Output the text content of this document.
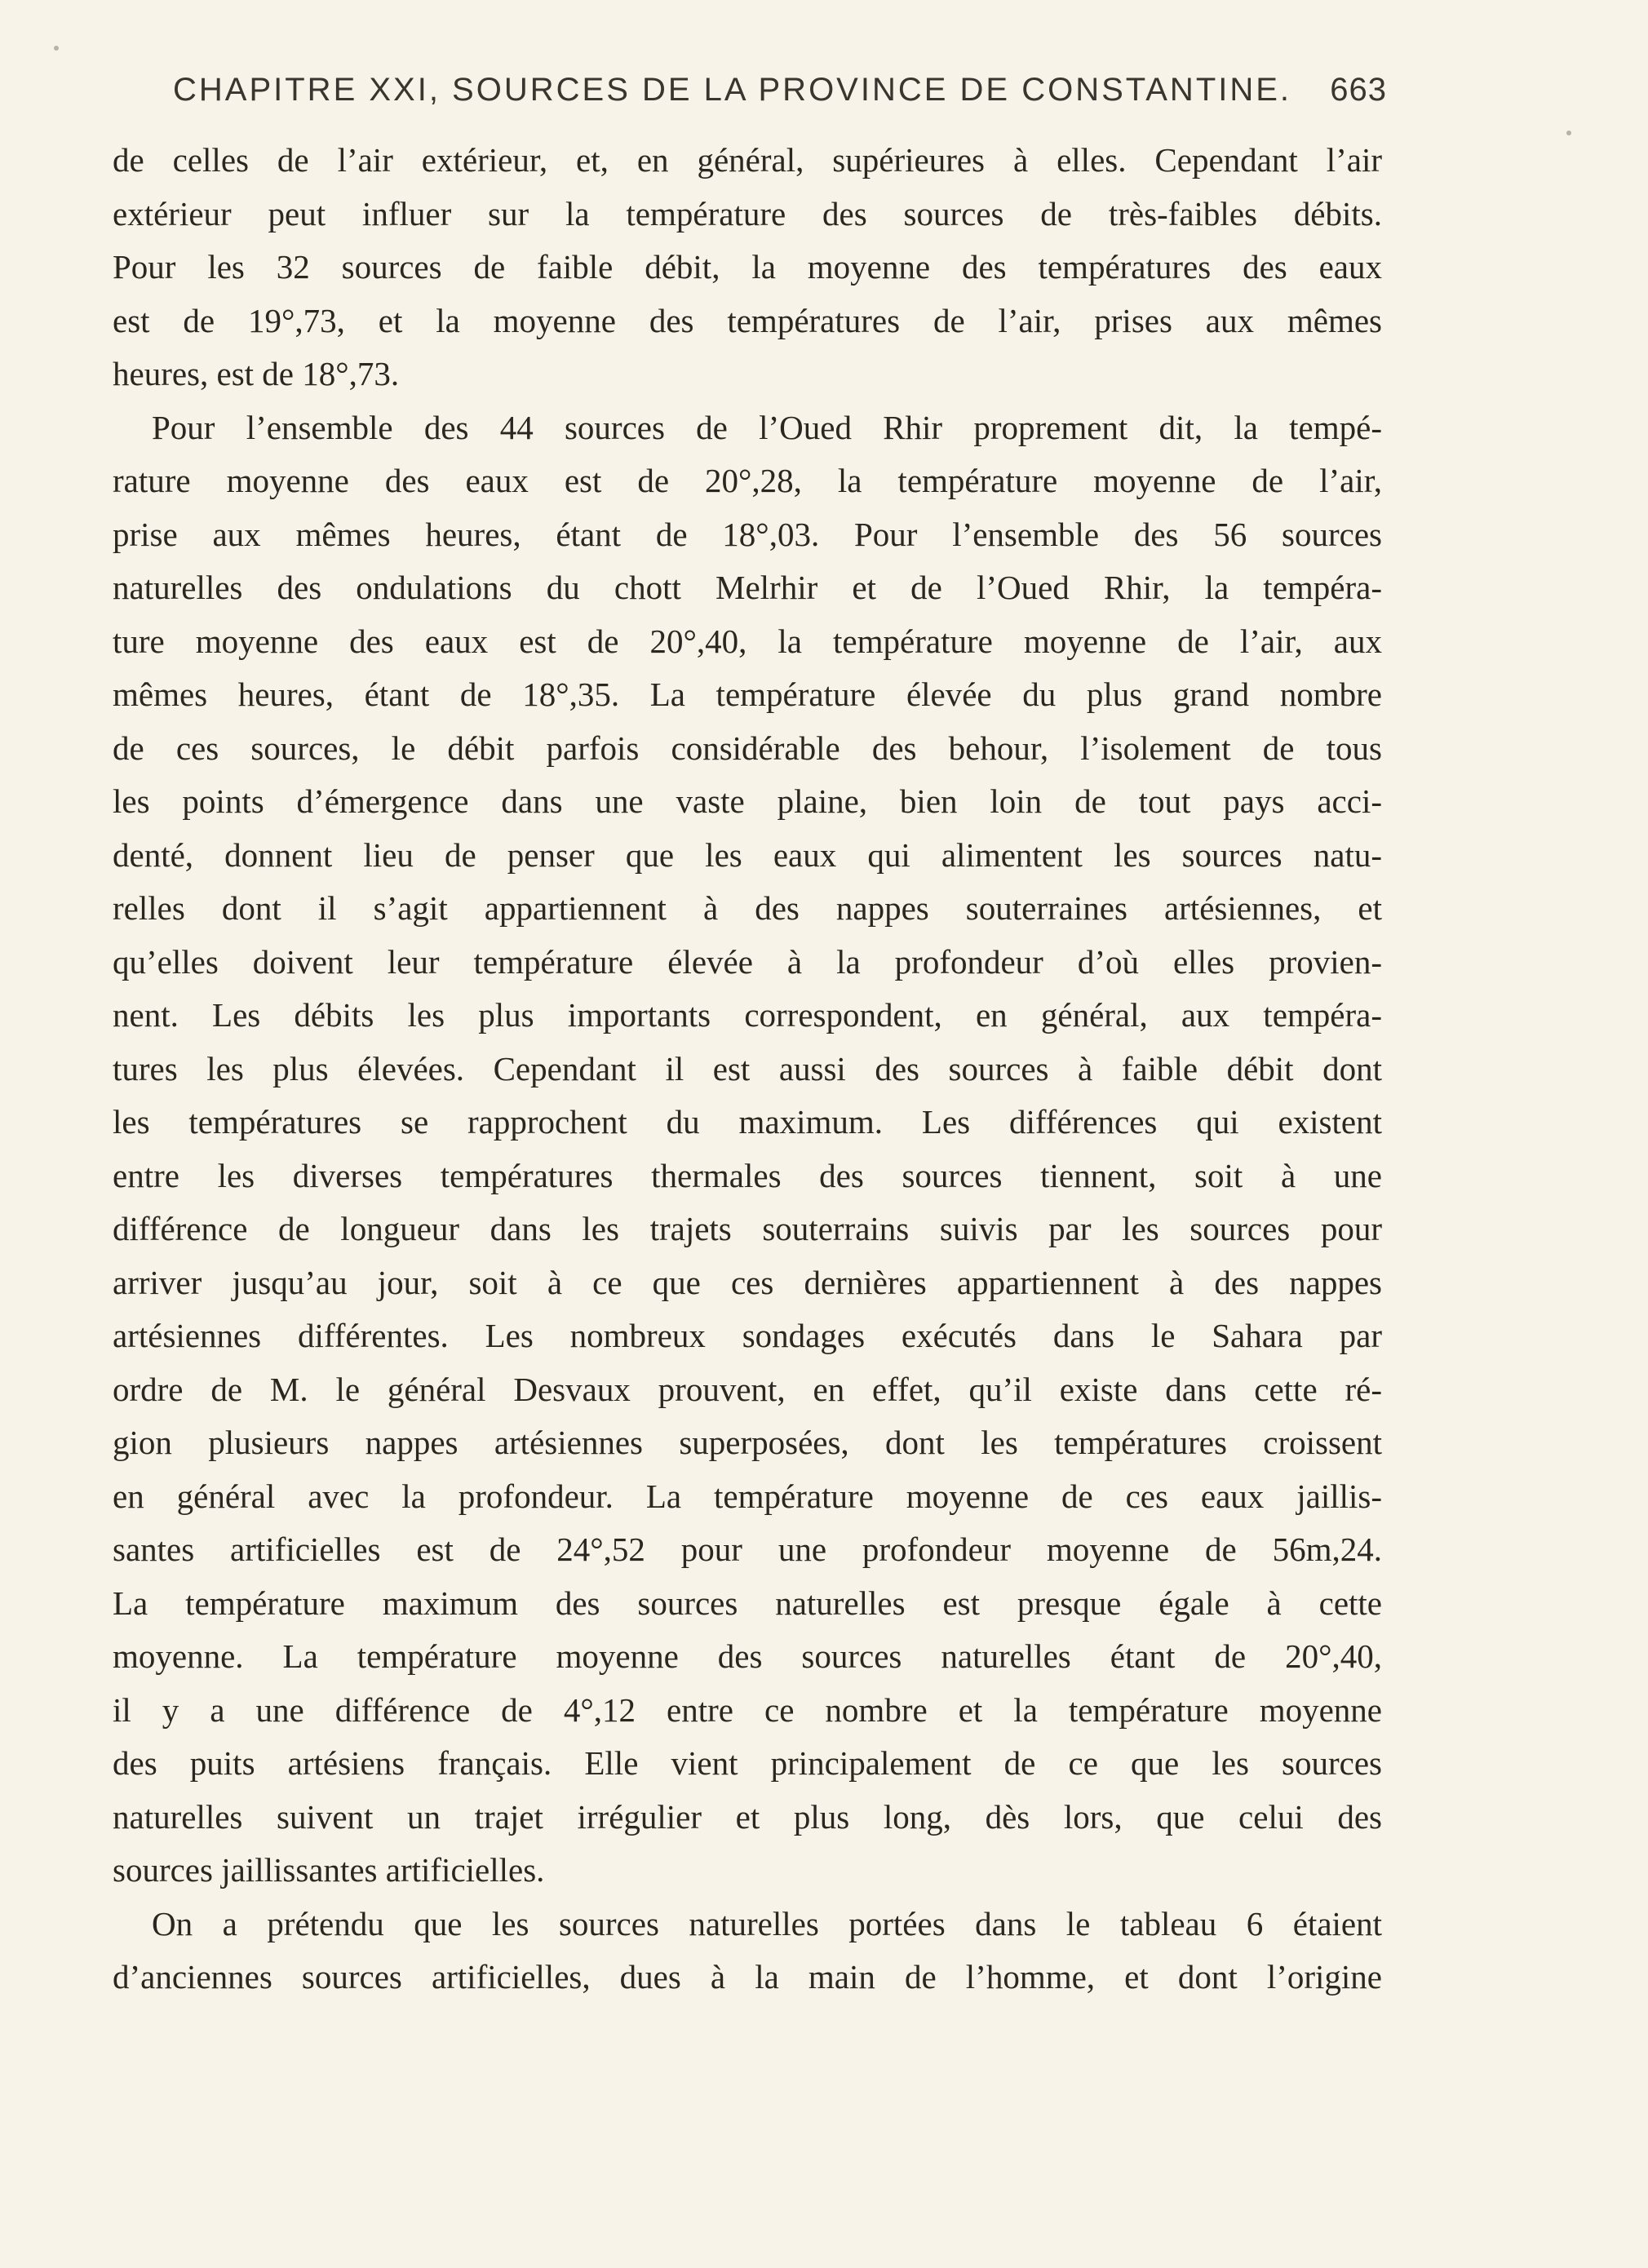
CHAPITRE XXI, SOURCES DE LA PROVINCE DE CONSTANTINE. 663
de celles de l’air extérieur, et, en général, supérieures à elles. Cependant l’air
extérieur peut influer sur la température des sources de très-faibles débits.
Pour les 32 sources de faible débit, la moyenne des températures des eaux
est de 19°,73, et la moyenne des températures de l’air, prises aux mêmes
heures, est de 18°,73.
Pour l’ensemble des 44 sources de l’Oued Rhir proprement dit, la tempé-
rature moyenne des eaux est de 20°,28, la température moyenne de l’air,
prise aux mêmes heures, étant de 18°,03. Pour l’ensemble des 56 sources
naturelles des ondulations du chott Melrhir et de l’Oued Rhir, la tempéra-
ture moyenne des eaux est de 20°,40, la température moyenne de l’air, aux
mêmes heures, étant de 18°,35. La température élevée du plus grand nombre
de ces sources, le débit parfois considérable des behour, l’isolement de tous
les points d’émergence dans une vaste plaine, bien loin de tout pays acci-
denté, donnent lieu de penser que les eaux qui alimentent les sources natu-
relles dont il s’agit appartiennent à des nappes souterraines artésiennes, et
qu’elles doivent leur température élevée à la profondeur d’où elles provien-
nent. Les débits les plus importants correspondent, en général, aux tempéra-
tures les plus élevées. Cependant il est aussi des sources à faible débit dont
les températures se rapprochent du maximum. Les différences qui existent
entre les diverses températures thermales des sources tiennent, soit à une
différence de longueur dans les trajets souterrains suivis par les sources pour
arriver jusqu’au jour, soit à ce que ces dernières appartiennent à des nappes
artésiennes différentes. Les nombreux sondages exécutés dans le Sahara par
ordre de M. le général Desvaux prouvent, en effet, qu’il existe dans cette ré-
gion plusieurs nappes artésiennes superposées, dont les températures croissent
en général avec la profondeur. La température moyenne de ces eaux jaillis-
santes artificielles est de 24°,52 pour une profondeur moyenne de 56m,24.
La température maximum des sources naturelles est presque égale à cette
moyenne. La température moyenne des sources naturelles étant de 20°,40,
il y a une différence de 4°,12 entre ce nombre et la température moyenne
des puits artésiens français. Elle vient principalement de ce que les sources
naturelles suivent un trajet irrégulier et plus long, dès lors, que celui des
sources jaillissantes artificielles.
On a prétendu que les sources naturelles portées dans le tableau 6 étaient
d’anciennes sources artificielles, dues à la main de l’homme, et dont l’origine
